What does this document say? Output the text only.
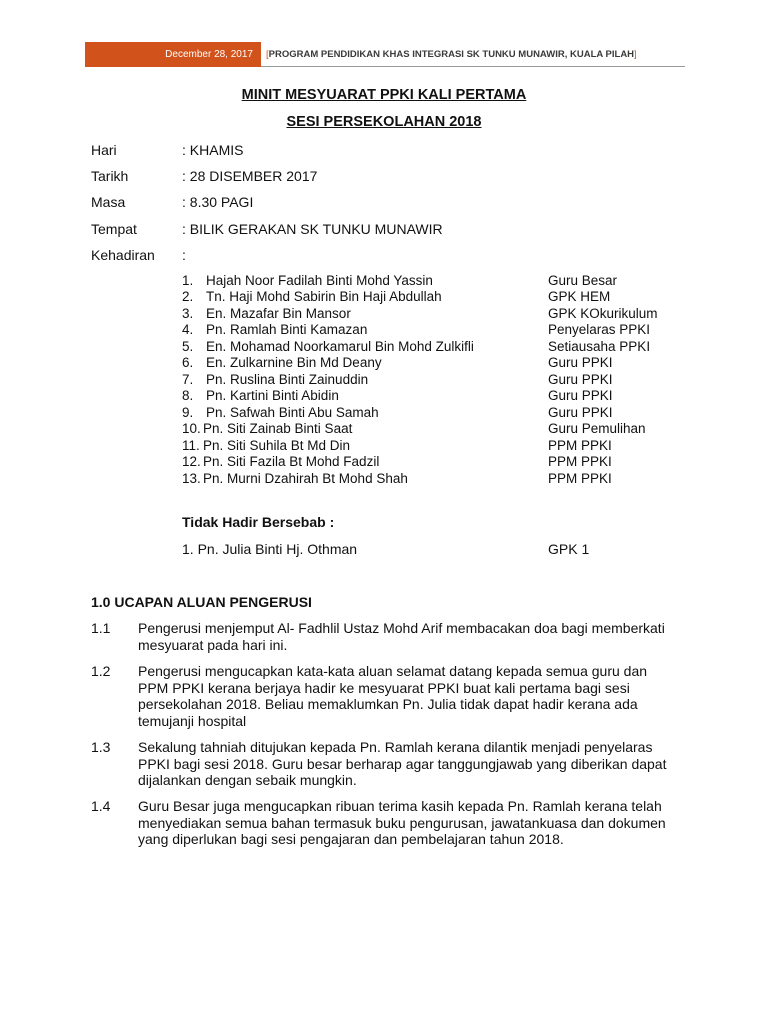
December 28, 2017	[ PROGRAM PENDIDIKAN KHAS INTEGRASI SK TUNKU MUNAWIR, KUALA PILAH ]
MINIT MESYUARAT PPKI KALI PERTAMA
SESI PERSEKOLAHAN 2018
Hari	: KHAMIS
Tarikh	: 28 DISEMBER 2017
Masa	: 8.30 PAGI
Tempat	: BILIK GERAKAN SK TUNKU MUNAWIR
Kehadiran :
1. Hajah Noor Fadilah Binti Mohd Yassin	Guru Besar
2. Tn. Haji Mohd Sabirin Bin Haji Abdullah	GPK HEM
3. En. Mazafar Bin Mansor	GPK KOkurikulum
4. Pn. Ramlah Binti Kamazan	Penyelaras PPKI
5. En. Mohamad Noorkamarul Bin Mohd Zulkifli	Setiausaha PPKI
6. En. Zulkarnine Bin Md Deany	Guru PPKI
7. Pn. Ruslina Binti Zainuddin	Guru PPKI
8. Pn. Kartini Binti Abidin	Guru PPKI
9. Pn. Safwah Binti Abu Samah	Guru PPKI
10. Pn. Siti Zainab Binti Saat	Guru Pemulihan
11. Pn. Siti Suhila Bt Md Din	PPM PPKI
12. Pn. Siti Fazila Bt Mohd Fadzil	PPM PPKI
13. Pn. Murni Dzahirah Bt Mohd Shah	PPM PPKI
Tidak Hadir Bersebab :
1. Pn. Julia Binti Hj. Othman	GPK 1
1.0 UCAPAN ALUAN PENGERUSI
1.1 Pengerusi menjemput Al- Fadhlil Ustaz Mohd Arif membacakan doa bagi memberkati mesyuarat pada hari ini.
1.2 Pengerusi mengucapkan kata-kata aluan selamat datang kepada semua guru dan PPM PPKI kerana berjaya hadir ke mesyuarat PPKI buat kali pertama bagi sesi persekolahan 2018. Beliau memaklumkan Pn. Julia tidak dapat hadir kerana ada temujanji hospital
1.3 Sekalung tahniah ditujukan kepada Pn. Ramlah kerana dilantik menjadi penyelaras PPKI bagi sesi 2018. Guru besar berharap agar tanggungjawab yang diberikan dapat dijalankan dengan sebaik mungkin.
1.4 Guru Besar juga mengucapkan ribuan terima kasih kepada Pn. Ramlah kerana telah menyediakan semua bahan termasuk buku pengurusan, jawatankuasa dan dokumen yang diperlukan bagi sesi pengajaran dan pembelajaran tahun 2018.
